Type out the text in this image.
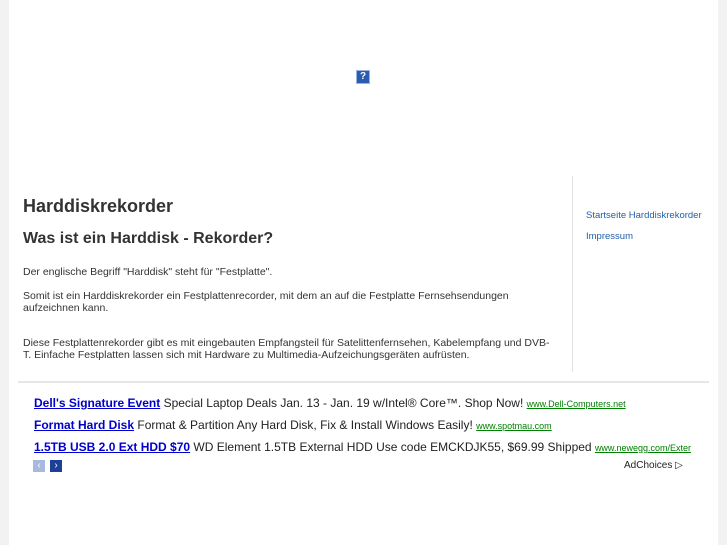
?
Harddiskrekorder
Was ist ein Harddisk - Rekorder?

Der englische Begriff "Harddisk" steht für "Festplatte".

Somit ist ein Harddiskrekorder ein Festplattenrecorder, mit dem an auf die Festplatte Fernsehsendungen aufzeichnen kann.

Diese Festplattenrekorder gibt es mit eingebauten Empfangsteil für Satelittenfernsehen, Kabelempfang und DVB-T. Einfache Festplatten lassen sich mit Hardware zu Multimedia-Aufzeichungsgeräten aufrüsten.

Startseite Harddiskrekorder
Impressum
Dell's Signature Event Special Laptop Deals Jan. 13 - Jan. 19 w/Intel® Core™. Shop Now! www.Dell-Computers.net
Format Hard Disk Format & Partition Any Hard Disk, Fix & Install Windows Easily! www.spotmau.com
1.5TB USB 2.0 Ext HDD $70 WD Element 1.5TB External HDD Use code EMCKDJK55, $69.99 Shipped www.newegg.com/Exter
‹	›	AdChoices ▷
